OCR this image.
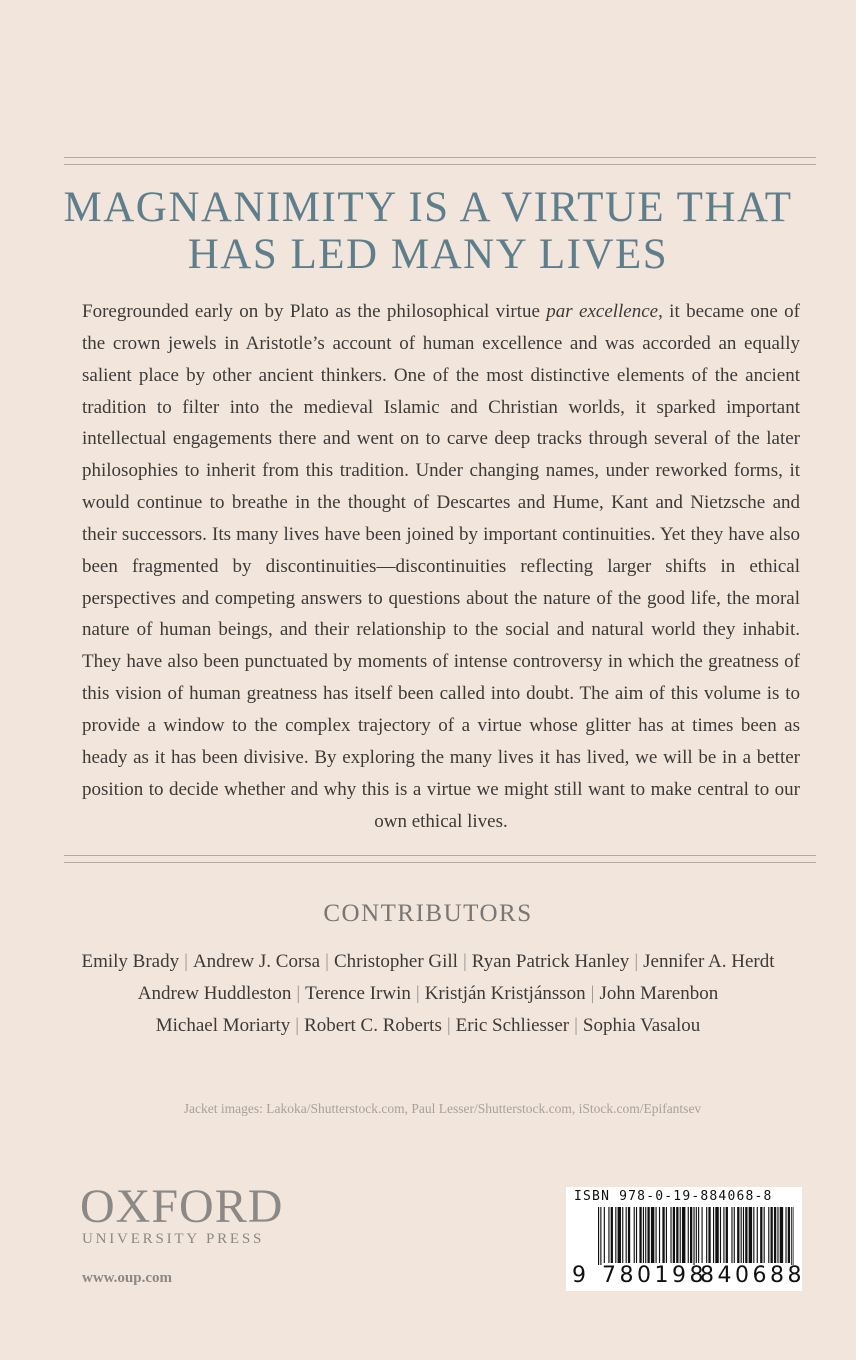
MAGNANIMITY IS A VIRTUE THAT
HAS LED MANY LIVES

Foregrounded early on by Plato as the philosophical virtue par excellence, it became one of the crown jewels in Aristotle’s account of human excellence and was accorded an equally salient place by other ancient thinkers. One of the most distinctive elements of the ancient tradition to filter into the medieval Islamic and Christian worlds, it sparked important intellectual engagements there and went on to carve deep tracks through several of the later philosophies to inherit from this tradition. Under changing names, under reworked forms, it would continue to breathe in the thought of Descartes and Hume, Kant and Nietzsche and their successors. Its many lives have been joined by important continuities. Yet they have also been fragmented by discontinuities—discontinuities reflecting larger shifts in ethical perspectives and competing answers to questions about the nature of the good life, the moral nature of human beings, and their relationship to the social and natural world they inhabit. They have also been punctuated by moments of intense controversy in which the greatness of this vision of human greatness has itself been called into doubt. The aim of this volume is to provide a window to the complex trajectory of a virtue whose glitter has at times been as heady as it has been divisive. By exploring the many lives it has lived, we will be in a better position to decide whether and why this is a virtue we might still want to make central to our own ethical lives.

CONTRIBUTORS
Emily Brady | Andrew J. Corsa | Christopher Gill | Ryan Patrick Hanley | Jennifer A. Herdt
Andrew Huddleston | Terence Irwin | Kristján Kristjánsson | John Marenbon
Michael Moriarty | Robert C. Roberts | Eric Schliesser | Sophia Vasalou
Jacket images: Lakoka/Shutterstock.com, Paul Lesser/Shutterstock.com, iStock.com/Epifantsev
OXFORD
UNIVERSITY PRESS
www.oup.com
ISBN 978-0-19-884068-8
9 780198
840688
